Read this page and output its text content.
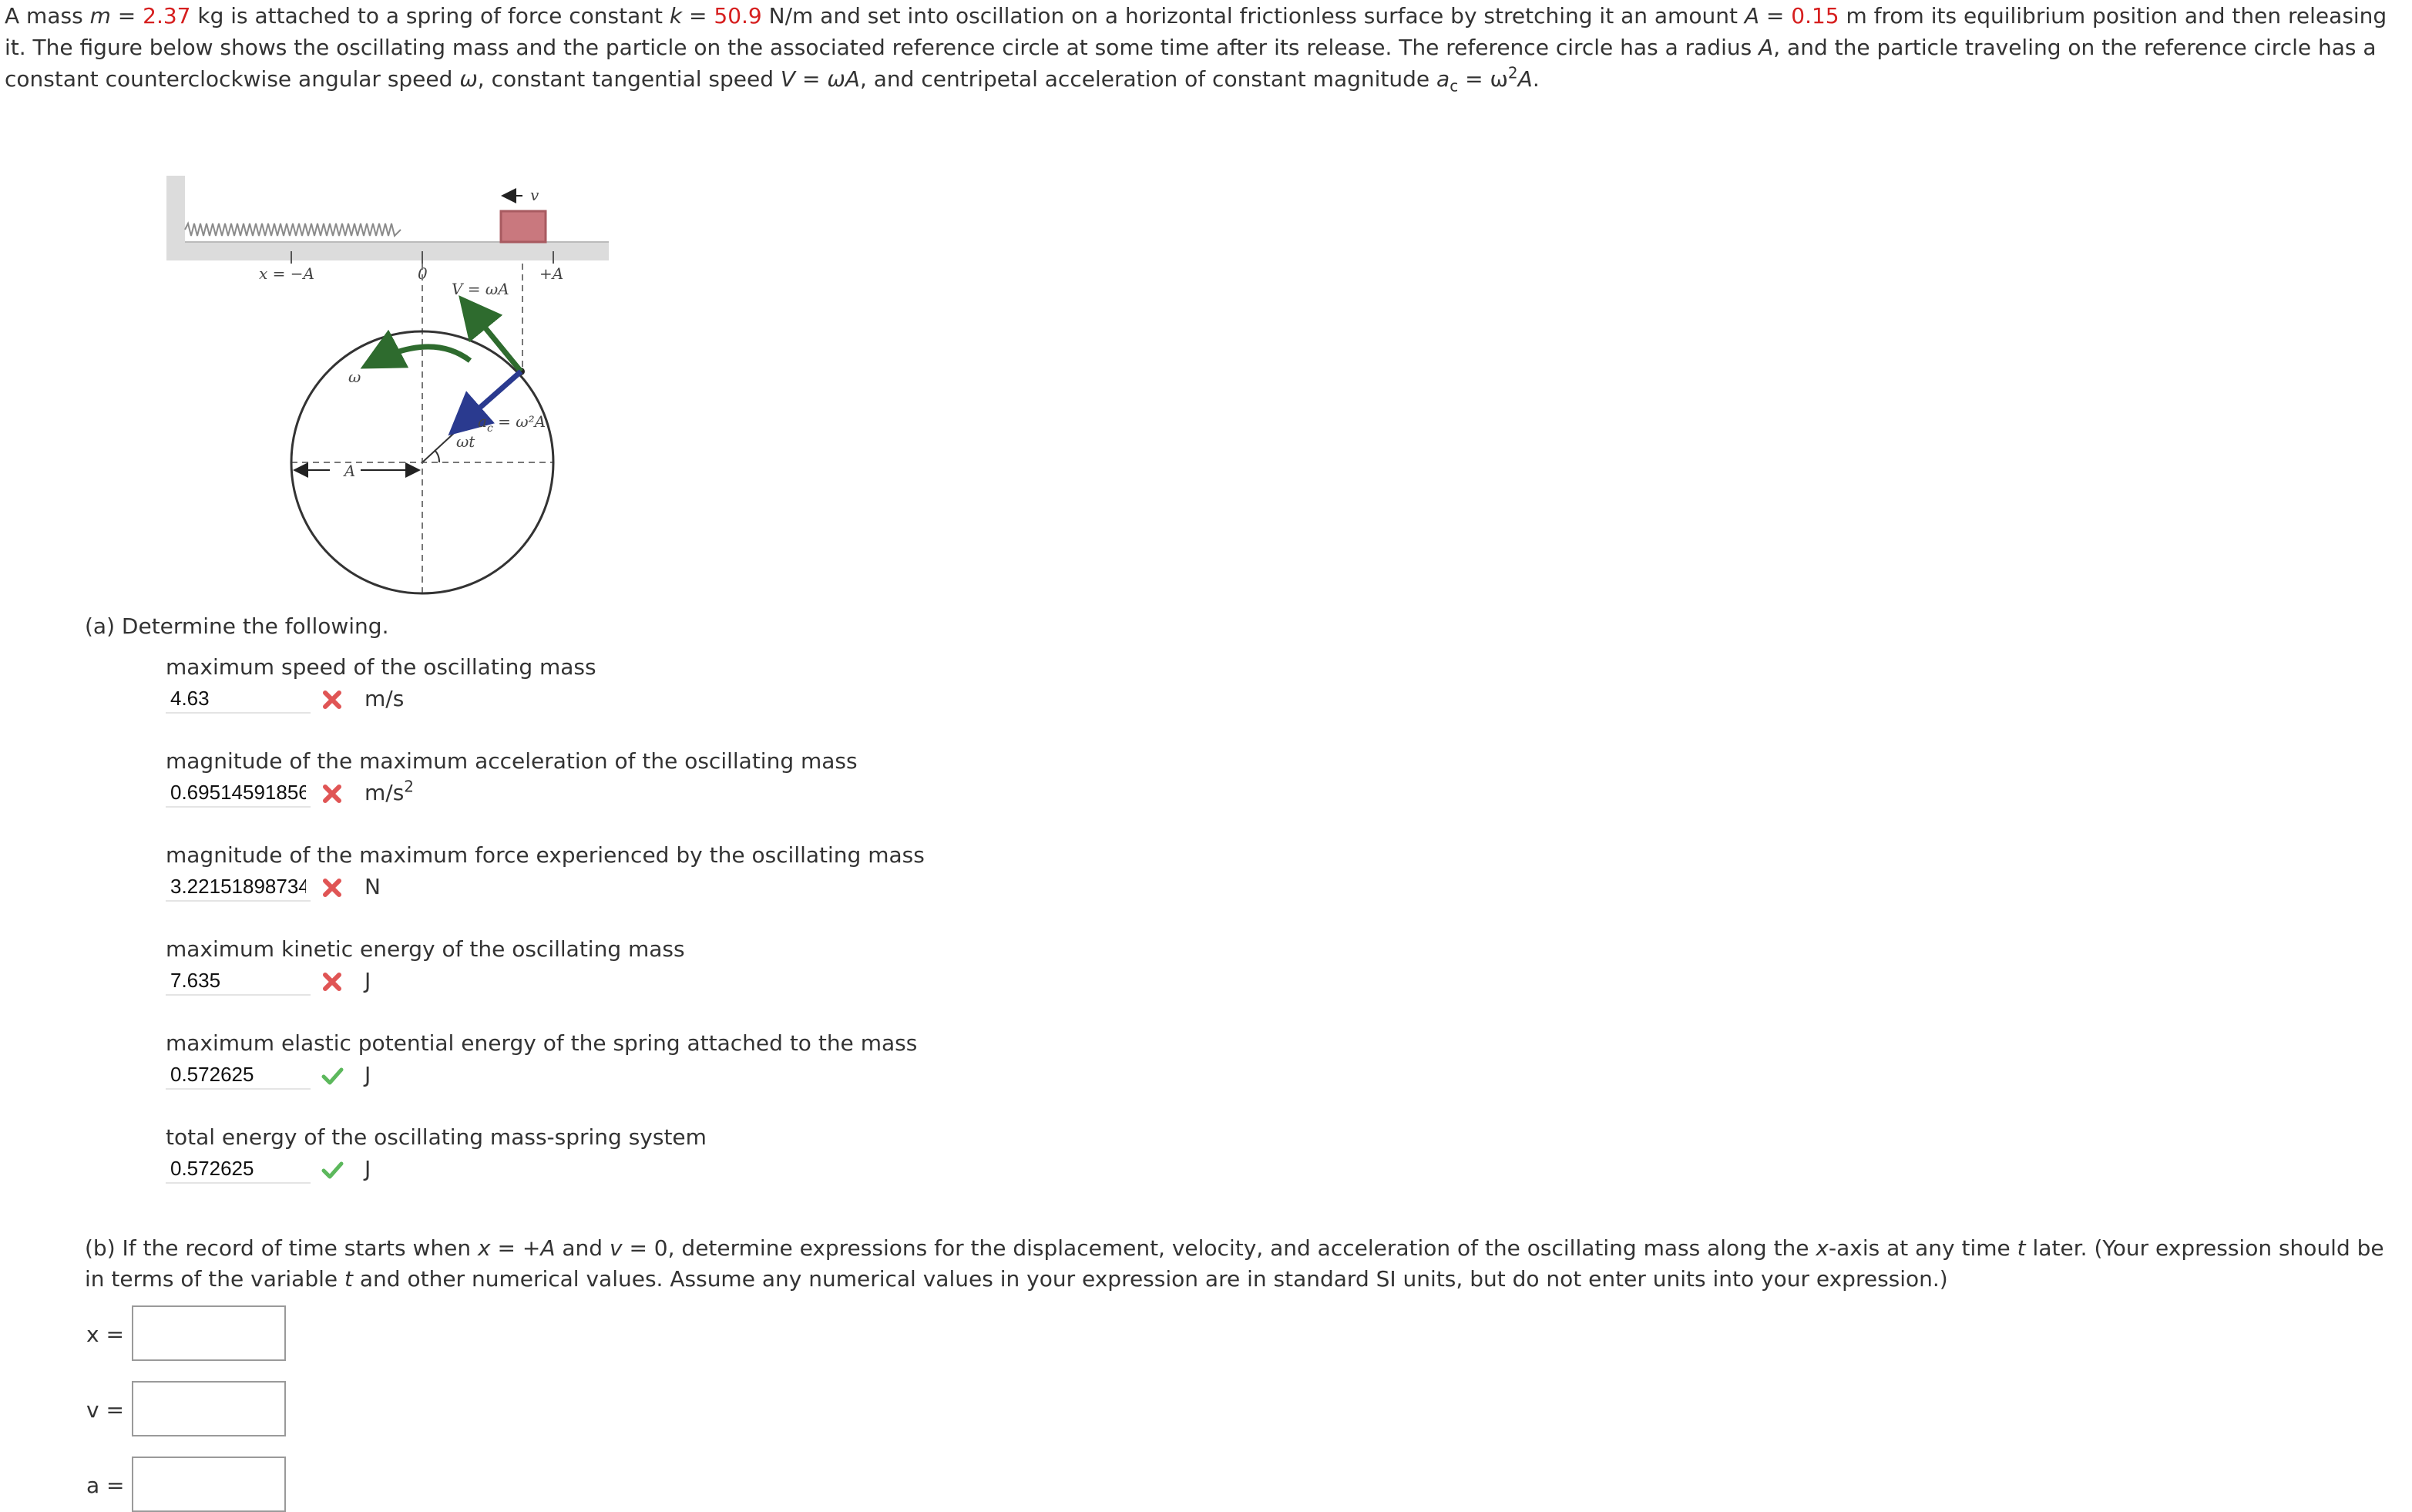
A mass m = 2.37 kg is attached to a spring of force constant k = 50.9 N/m and set into oscillation on a horizontal frictionless surface by stretching it an amount A = 0.15 m from its equilibrium position and then releasing it. The figure below shows the oscillating mass and the particle on the associated reference circle at some time after its release. The reference circle has a radius A, and the particle traveling on the reference circle has a constant counterclockwise angular speed ω, constant tangential speed V = ωA, and centripetal acceleration of constant magnitude $a_c = \omega^2A$.
v
x = −A	0	+A
V = ωA
$a_c = \omega^2A$
ω
ωt
A
(a) Determine the following.
maximum speed of the oscillating mass
4.63
m/s
magnitude of the maximum acceleration of the oscillating mass
0.69514591856
$m/s^2$
magnitude of the maximum force experienced by the oscillating mass
3.22151898734
N
maximum kinetic energy of the oscillating mass
7.635
J
maximum elastic potential energy of the spring attached to the mass
0.572625
J
total energy of the oscillating mass-spring system
0.572625
J
(b) If the record of time starts when x = +A and v = 0, determine expressions for the displacement, velocity, and acceleration of the oscillating mass along the x-axis at any time t later. (Your expression should be in terms of the variable t and other numerical values. Assume any numerical values in your expression are in standard SI units, but do not enter units into your expression.)
x =
v =
a =
